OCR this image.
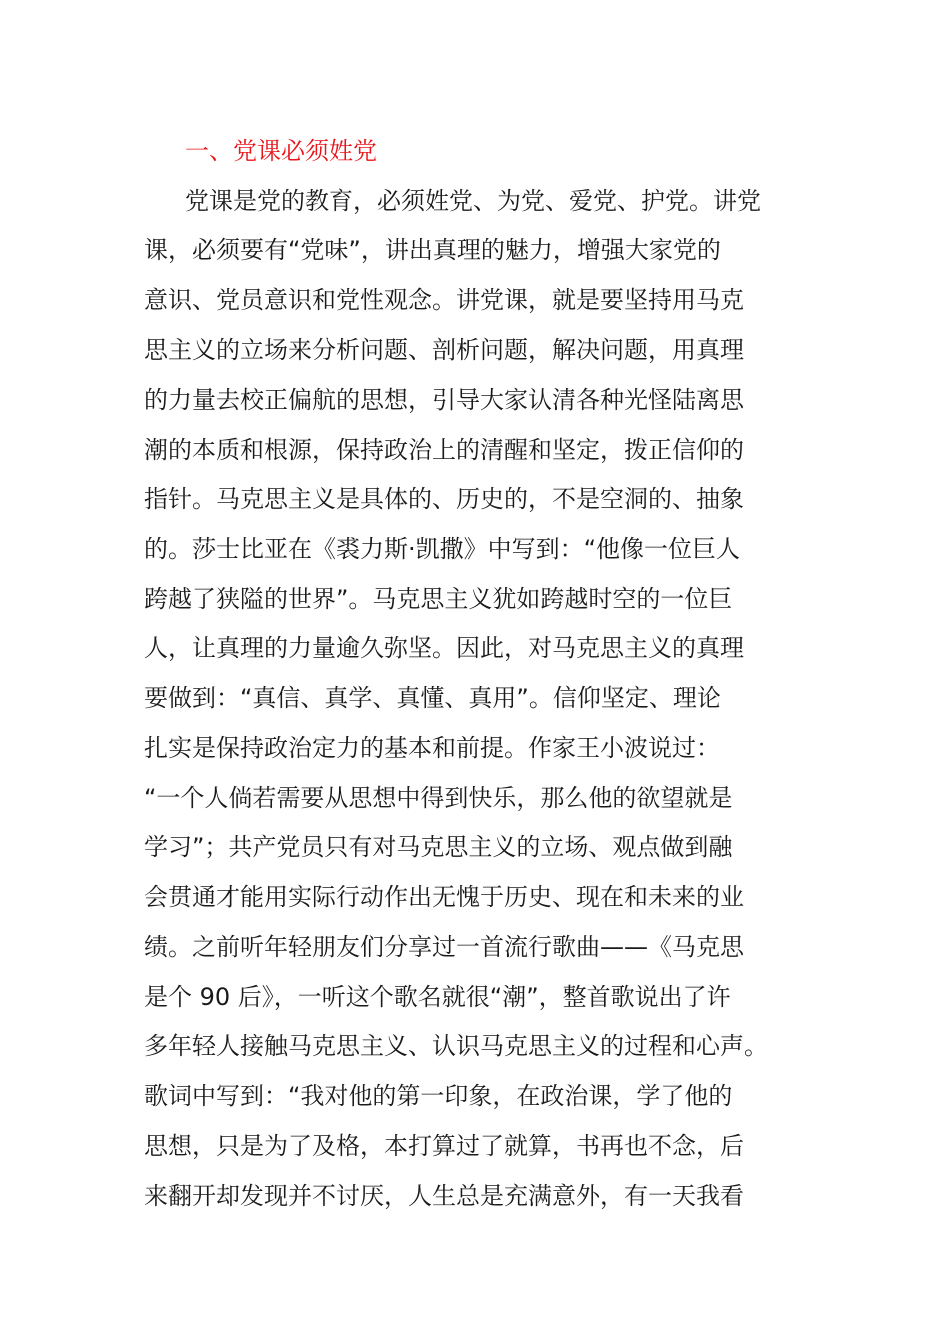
一、党课必须姓党

党课是党的教育，必须姓党、为党、爱党、护党。讲党

课，必须要有“党味”，讲出真理的魅力，增强大家党的

意识、党员意识和党性观念。讲党课，就是要坚持用马克

思主义的立场来分析问题、剖析问题，解决问题，用真理

的力量去校正偏航的思想，引导大家认清各种光怪陆离思

潮的本质和根源，保持政治上的清醒和坚定，拨正信仰的

指针。马克思主义是具体的、历史的，不是空洞的、抽象

的。莎士比亚在《裘力斯·凯撒》中写到：“他像一位巨人

跨越了狭隘的世界”。马克思主义犹如跨越时空的一位巨

人，让真理的力量逾久弥坚。因此，对马克思主义的真理

要做到：“真信、真学、真懂、真用”。信仰坚定、理论

扎实是保持政治定力的基本和前提。作家王小波说过：

“一个人倘若需要从思想中得到快乐，那么他的欲望就是

学习”；共产党员只有对马克思主义的立场、观点做到融

会贯通才能用实际行动作出无愧于历史、现在和未来的业

绩。之前听年轻朋友们分享过一首流行歌曲——《马克思

是个 90 后》，一听这个歌名就很“潮”，整首歌说出了许

多年轻人接触马克思主义、认识马克思主义的过程和心声。

歌词中写到：“我对他的第一印象，在政治课，学了他的

思想，只是为了及格，本打算过了就算，书再也不念，后

来翻开却发现并不讨厌，人生总是充满意外，有一天我看
